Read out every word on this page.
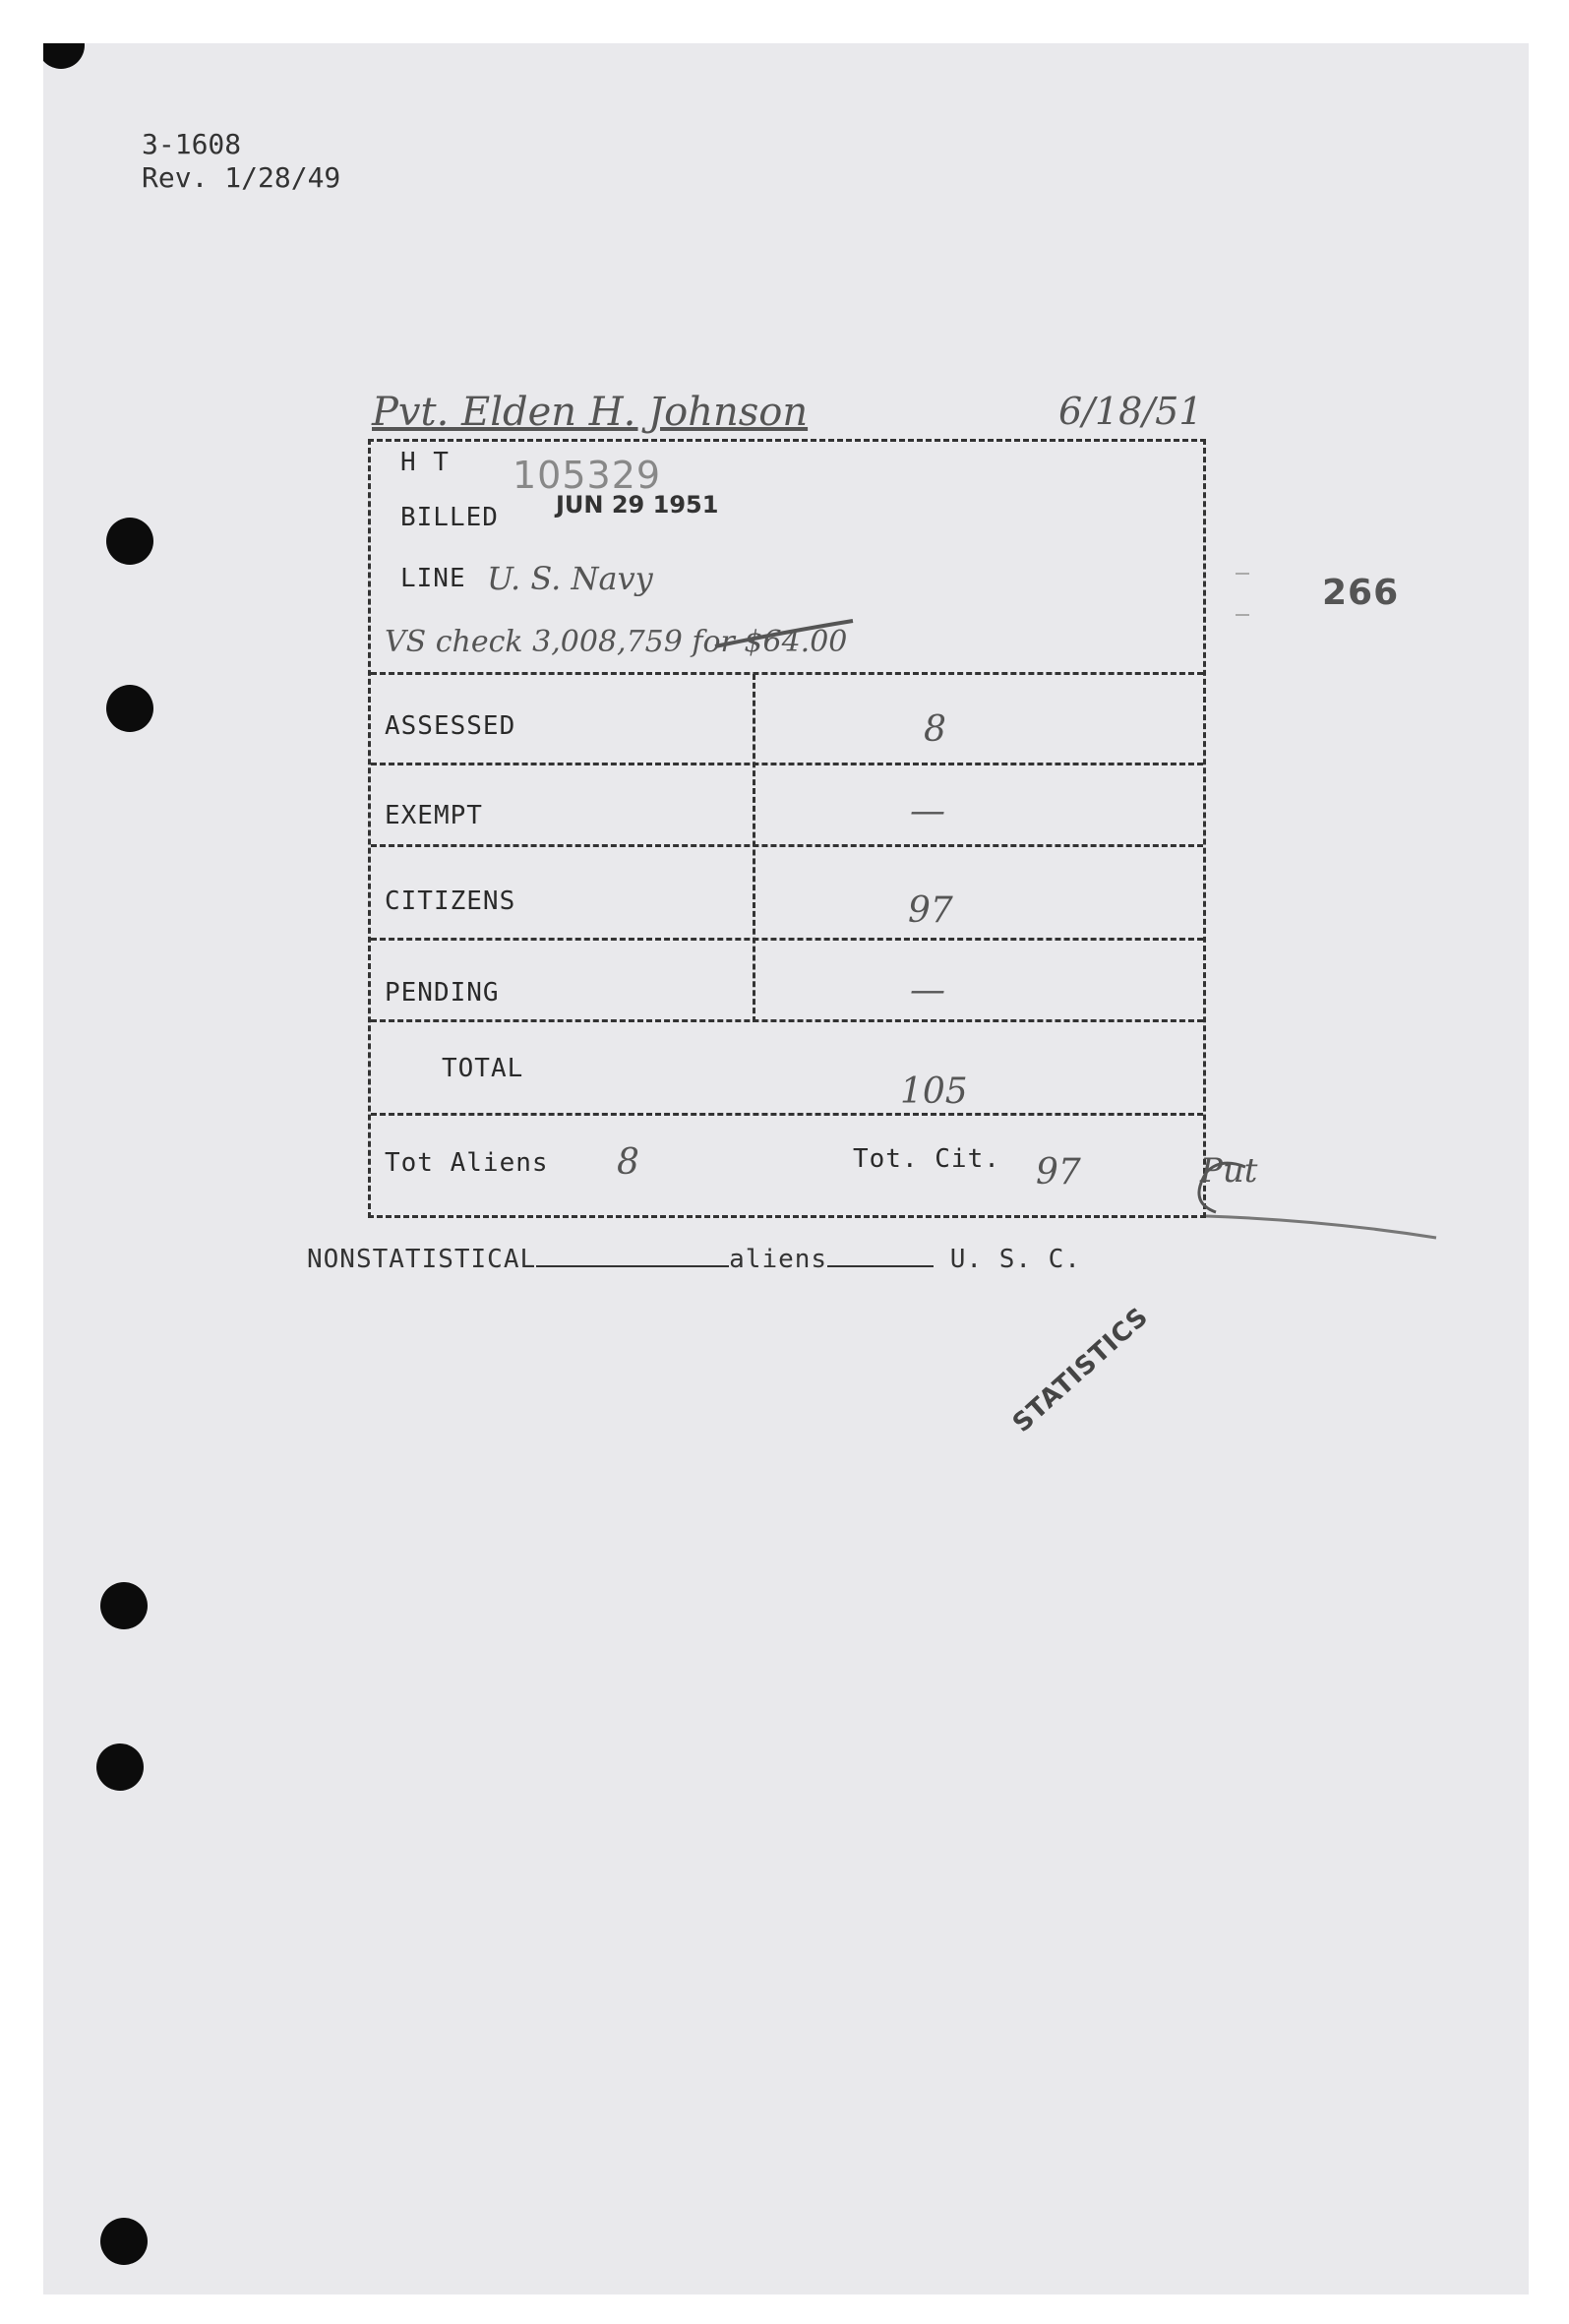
3-1608
Rev. 1/28/49
266
Pvt. Elden H. Johnson	6/18/51
H T 105329
BILLED JUN 29 1951
LINE U. S. Navy
VS check 3,008,759 for $64.00
ASSESSED	8
EXEMPT	—
CITIZENS	97
PENDING	—
TOTAL
105
Tot Aliens 8	Tot. Cit. 97	Put
NONSTATISTICAL	aliens	U. S. C.
STATISTICS
